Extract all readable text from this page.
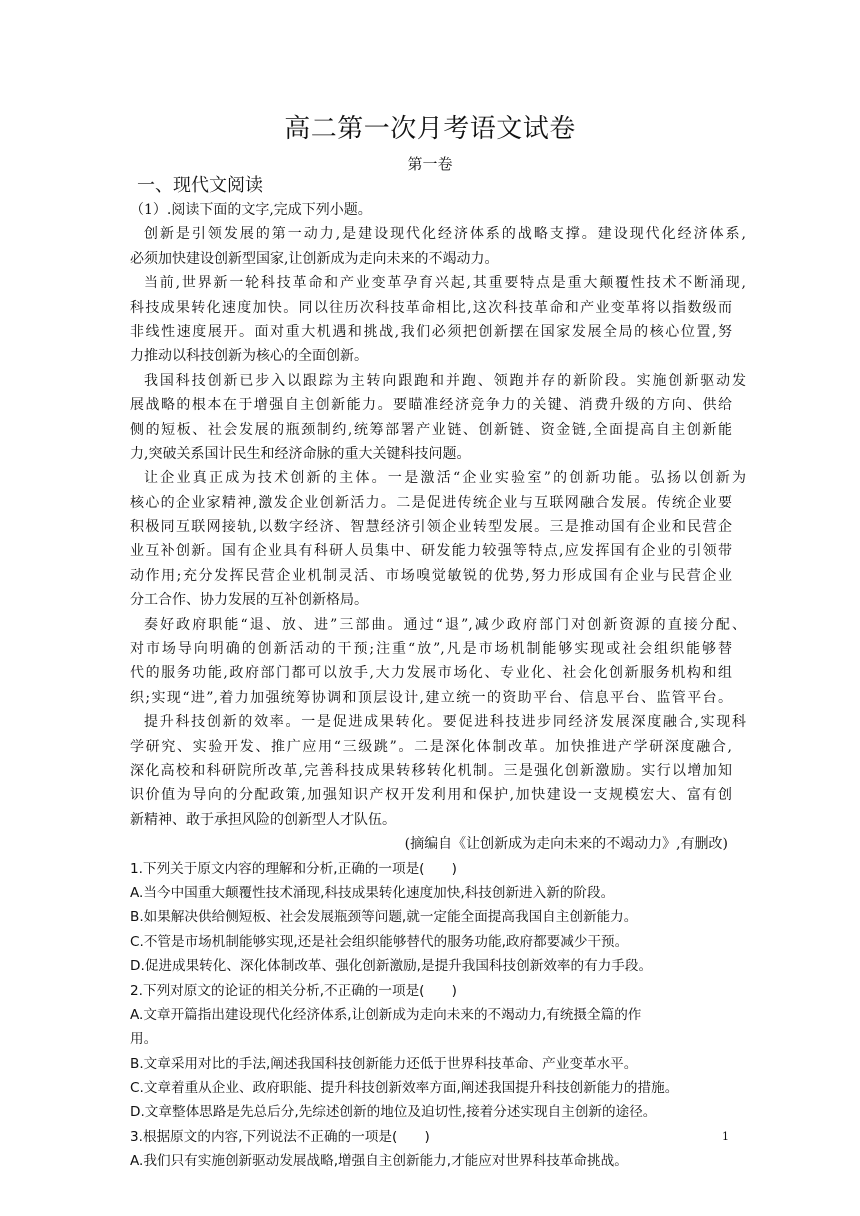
高二第一次月考语文试卷
第一卷
一、现代文阅读
（1）.阅读下面的文字,完成下列小题。
创新是引领发展的第一动力,是建设现代化经济体系的战略支撑。建设现代化经济体系,
必须加快建设创新型国家,让创新成为走向未来的不竭动力。
当前,世界新一轮科技革命和产业变革孕育兴起,其重要特点是重大颠覆性技术不断涌现,
科技成果转化速度加快。同以往历次科技革命相比,这次科技革命和产业变革将以指数级而
非线性速度展开。面对重大机遇和挑战,我们必须把创新摆在国家发展全局的核心位置,努
力推动以科技创新为核心的全面创新。
我国科技创新已步入以跟踪为主转向跟跑和并跑、领跑并存的新阶段。实施创新驱动发
展战略的根本在于增强自主创新能力。要瞄准经济竞争力的关键、消费升级的方向、供给
侧的短板、社会发展的瓶颈制约,统筹部署产业链、创新链、资金链,全面提高自主创新能
力,突破关系国计民生和经济命脉的重大关键科技问题。
让企业真正成为技术创新的主体。一是激活“企业实验室”的创新功能。弘扬以创新为
核心的企业家精神,激发企业创新活力。二是促进传统企业与互联网融合发展。传统企业要
积极同互联网接轨,以数字经济、智慧经济引领企业转型发展。三是推动国有企业和民营企
业互补创新。国有企业具有科研人员集中、研发能力较强等特点,应发挥国有企业的引领带
动作用;充分发挥民营企业机制灵活、市场嗅觉敏锐的优势,努力形成国有企业与民营企业
分工合作、协力发展的互补创新格局。
奏好政府职能“退、放、进”三部曲。通过“退”,减少政府部门对创新资源的直接分配、
对市场导向明确的创新活动的干预;注重“放”,凡是市场机制能够实现或社会组织能够替
代的服务功能,政府部门都可以放手,大力发展市场化、专业化、社会化创新服务机构和组
织;实现“进”,着力加强统筹协调和顶层设计,建立统一的资助平台、信息平台、监管平台。
提升科技创新的效率。一是促进成果转化。要促进科技进步同经济发展深度融合,实现科
学研究、实验开发、推广应用“三级跳”。二是深化体制改革。加快推进产学研深度融合,
深化高校和科研院所改革,完善科技成果转移转化机制。三是强化创新激励。实行以增加知
识价值为导向的分配政策,加强知识产权开发利用和保护,加快建设一支规模宏大、富有创
新精神、敢于承担风险的创新型人才队伍。
(摘编自《让创新成为走向未来的不竭动力》,有删改)
1.下列关于原文内容的理解和分析,正确的一项是(　　)
A.当今中国重大颠覆性技术涌现,科技成果转化速度加快,科技创新进入新的阶段。
B.如果解决供给侧短板、社会发展瓶颈等问题,就一定能全面提高我国自主创新能力。
C.不管是市场机制能够实现,还是社会组织能够替代的服务功能,政府都要减少干预。
D.促进成果转化、深化体制改革、强化创新激励,是提升我国科技创新效率的有力手段。
2.下列对原文的论证的相关分析,不正确的一项是(　　)
A.文章开篇指出建设现代化经济体系,让创新成为走向未来的不竭动力,有统摄全篇的作
用。
B.文章采用对比的手法,阐述我国科技创新能力还低于世界科技革命、产业变革水平。
C.文章着重从企业、政府职能、提升科技创新效率方面,阐述我国提升科技创新能力的措施。
D.文章整体思路是先总后分,先综述创新的地位及迫切性,接着分述实现自主创新的途径。
3.根据原文的内容,下列说法不正确的一项是(　　)
A.我们只有实施创新驱动发展战略,增强自主创新能力,才能应对世界科技革命挑战。
1
